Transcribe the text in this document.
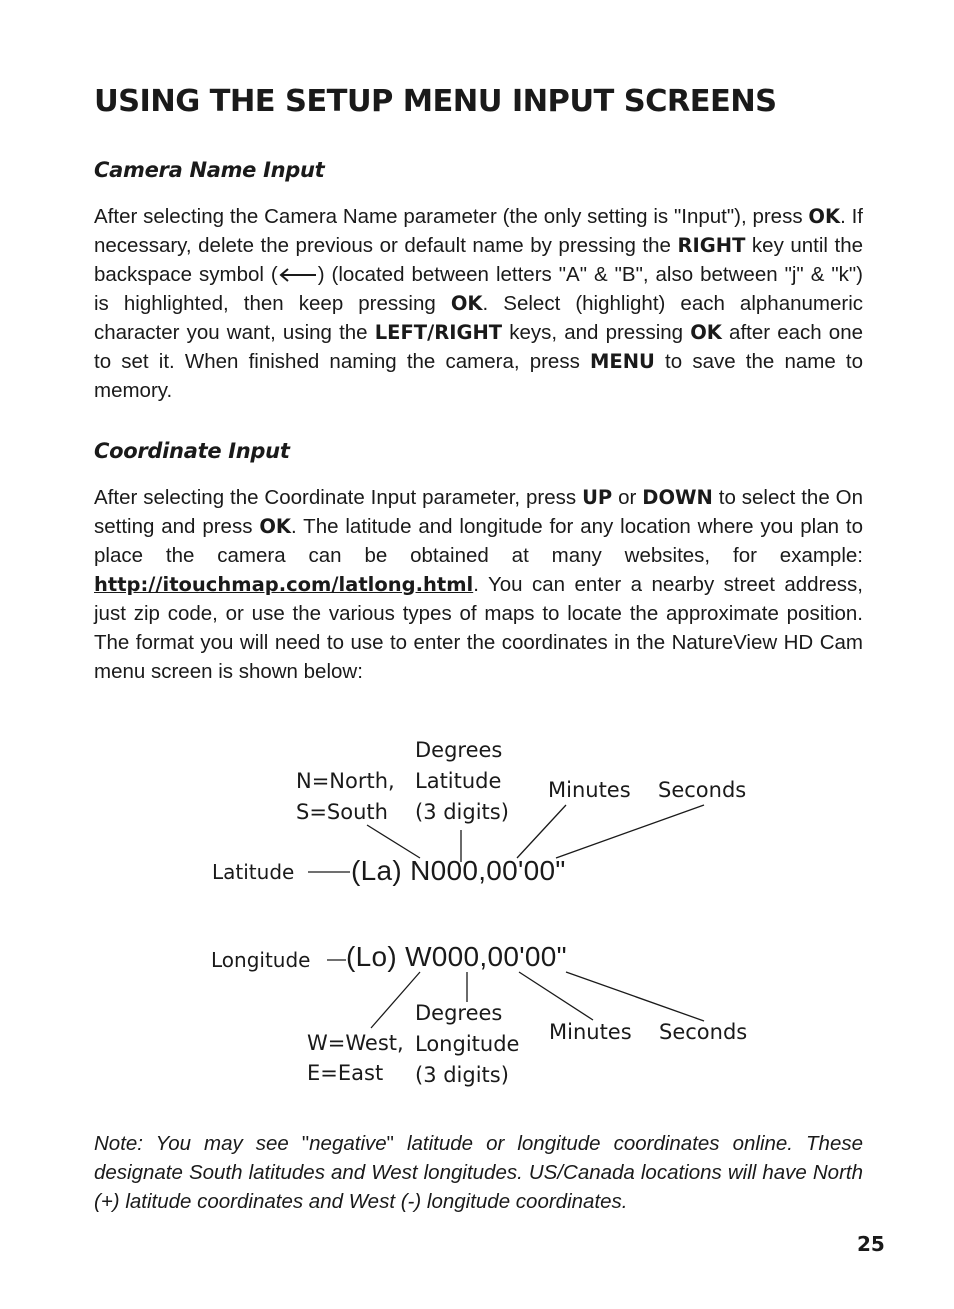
USING THE SETUP MENU INPUT SCREENS
Camera Name Input

After selecting the Camera Name parameter (the only setting is "Input"), press OK. If necessary, delete the previous or default name by pressing the RIGHT key until the backspace symbol ( ) (located between letters "A" & "B", also between "j" & "k") is highlighted, then keep pressing OK. Select (highlight) each alphanumeric character you want, using the LEFT/RIGHT keys, and pressing OK after each one to set it. When finished naming the camera, press MENU to save the name to memory.

Coordinate Input

After selecting the Coordinate Input parameter, press UP or DOWN to select the On setting and press OK. The latitude and longitude for any location where you plan to place the camera can be obtained at many websites, for example: http://itouchmap.com/latlong.html. You can enter a nearby street address, just zip code, or use the various types of maps to locate the approximate position. The format you will need to use to enter the coordinates in the NatureView HD Cam menu screen is shown below:

N=North,
S=South
Degrees
Latitude
(3 digits)
Minutes Seconds
Latitude (La) N000,00'00"
Longitude (Lo) W000,00'00"
W=West,
E=East
Degrees
Longitude
(3 digits)
Minutes Seconds

Note: You may see "negative" latitude or longitude coordinates online. These designate South latitudes and West longitudes. US/Canada locations will have North (+) latitude coordinates and West (-) longitude coordinates.

25
